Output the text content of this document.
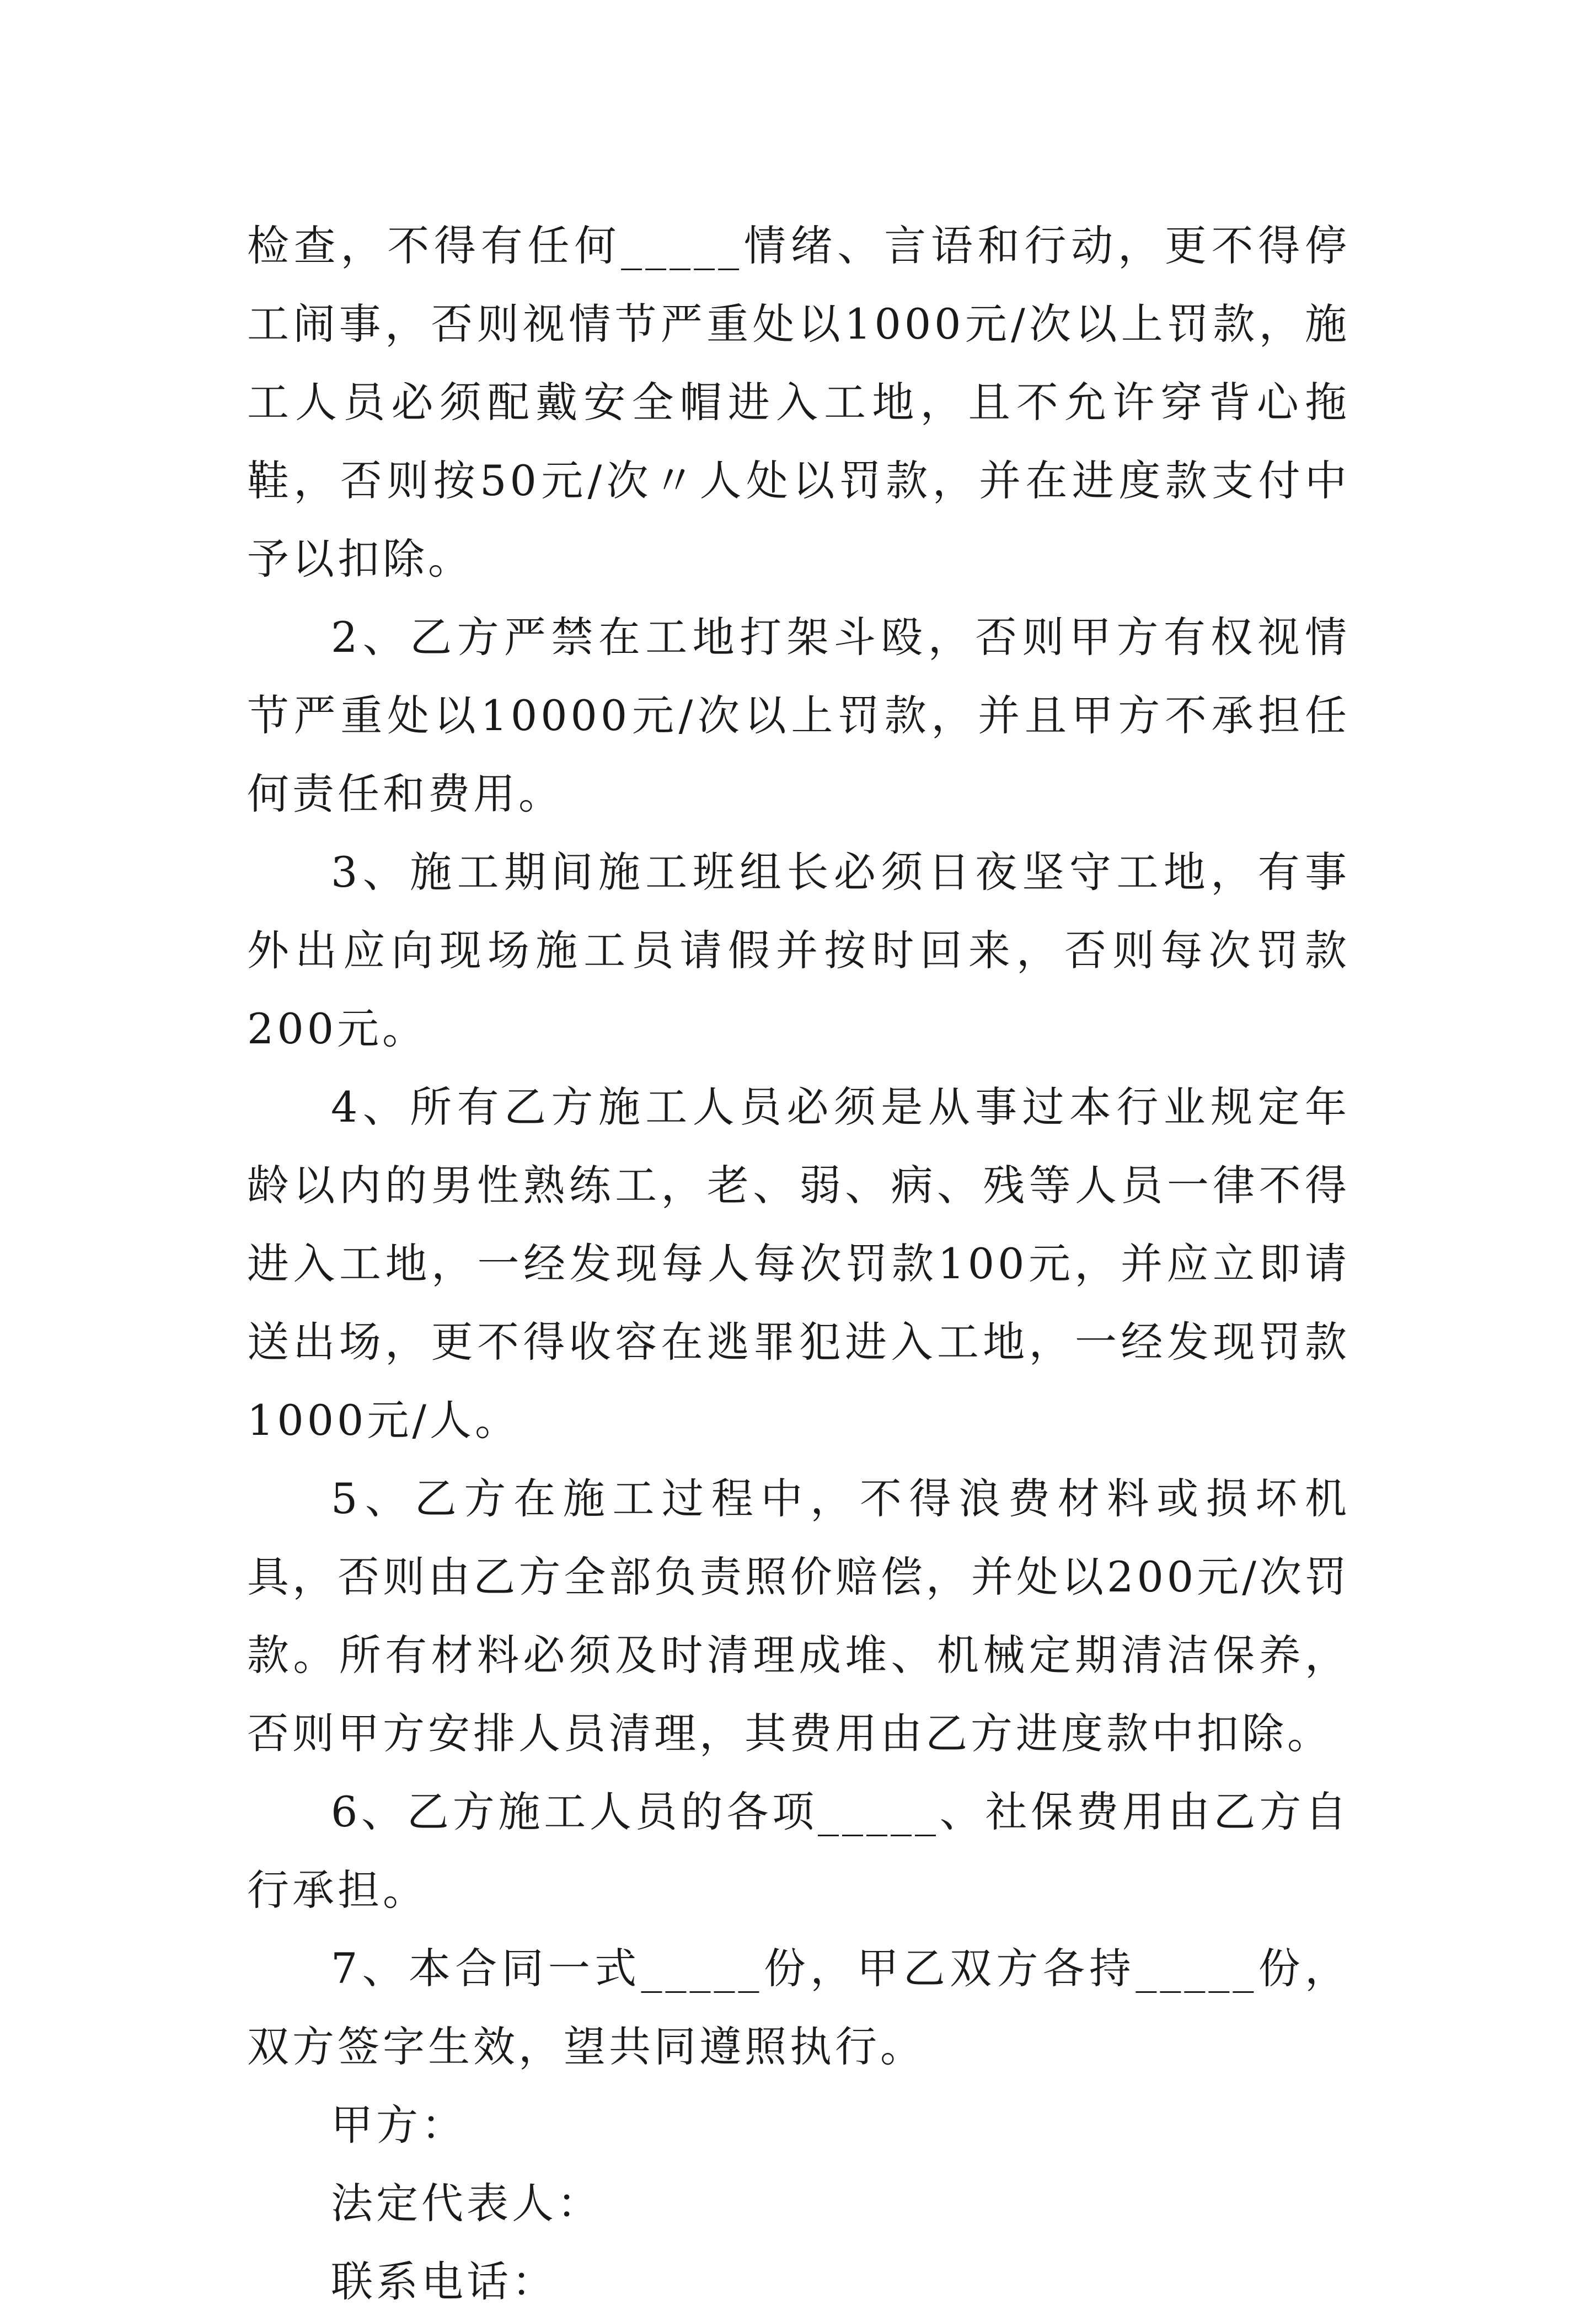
检查，不得有任何_____情绪、言语和行动，更不得停工闹事，否则视情节严重处以1000元/次以上罚款，施工人员必须配戴安全帽进入工地，且不允许穿背心拖鞋，否则按50元/次〃人处以罚款，并在进度款支付中予以扣除。

2、乙方严禁在工地打架斗殴，否则甲方有权视情节严重处以10000元/次以上罚款，并且甲方不承担任何责任和费用。

3、施工期间施工班组长必须日夜坚守工地，有事外出应向现场施工员请假并按时回来，否则每次罚款200元。

4、所有乙方施工人员必须是从事过本行业规定年龄以内的男性熟练工，老、弱、病、残等人员一律不得进入工地，一经发现每人每次罚款100元，并应立即请送出场，更不得收容在逃罪犯进入工地，一经发现罚款1000元/人。

5、乙方在施工过程中，不得浪费材料或损坏机具，否则由乙方全部负责照价赔偿，并处以200元/次罚款。所有材料必须及时清理成堆、机械定期清洁保养，否则甲方安排人员清理，其费用由乙方进度款中扣除。

6、乙方施工人员的各项_____、社保费用由乙方自行承担。

7、本合同一式_____份，甲乙双方各持_____份，双方签字生效，望共同遵照执行。

甲方：

法定代表人：

联系电话：
